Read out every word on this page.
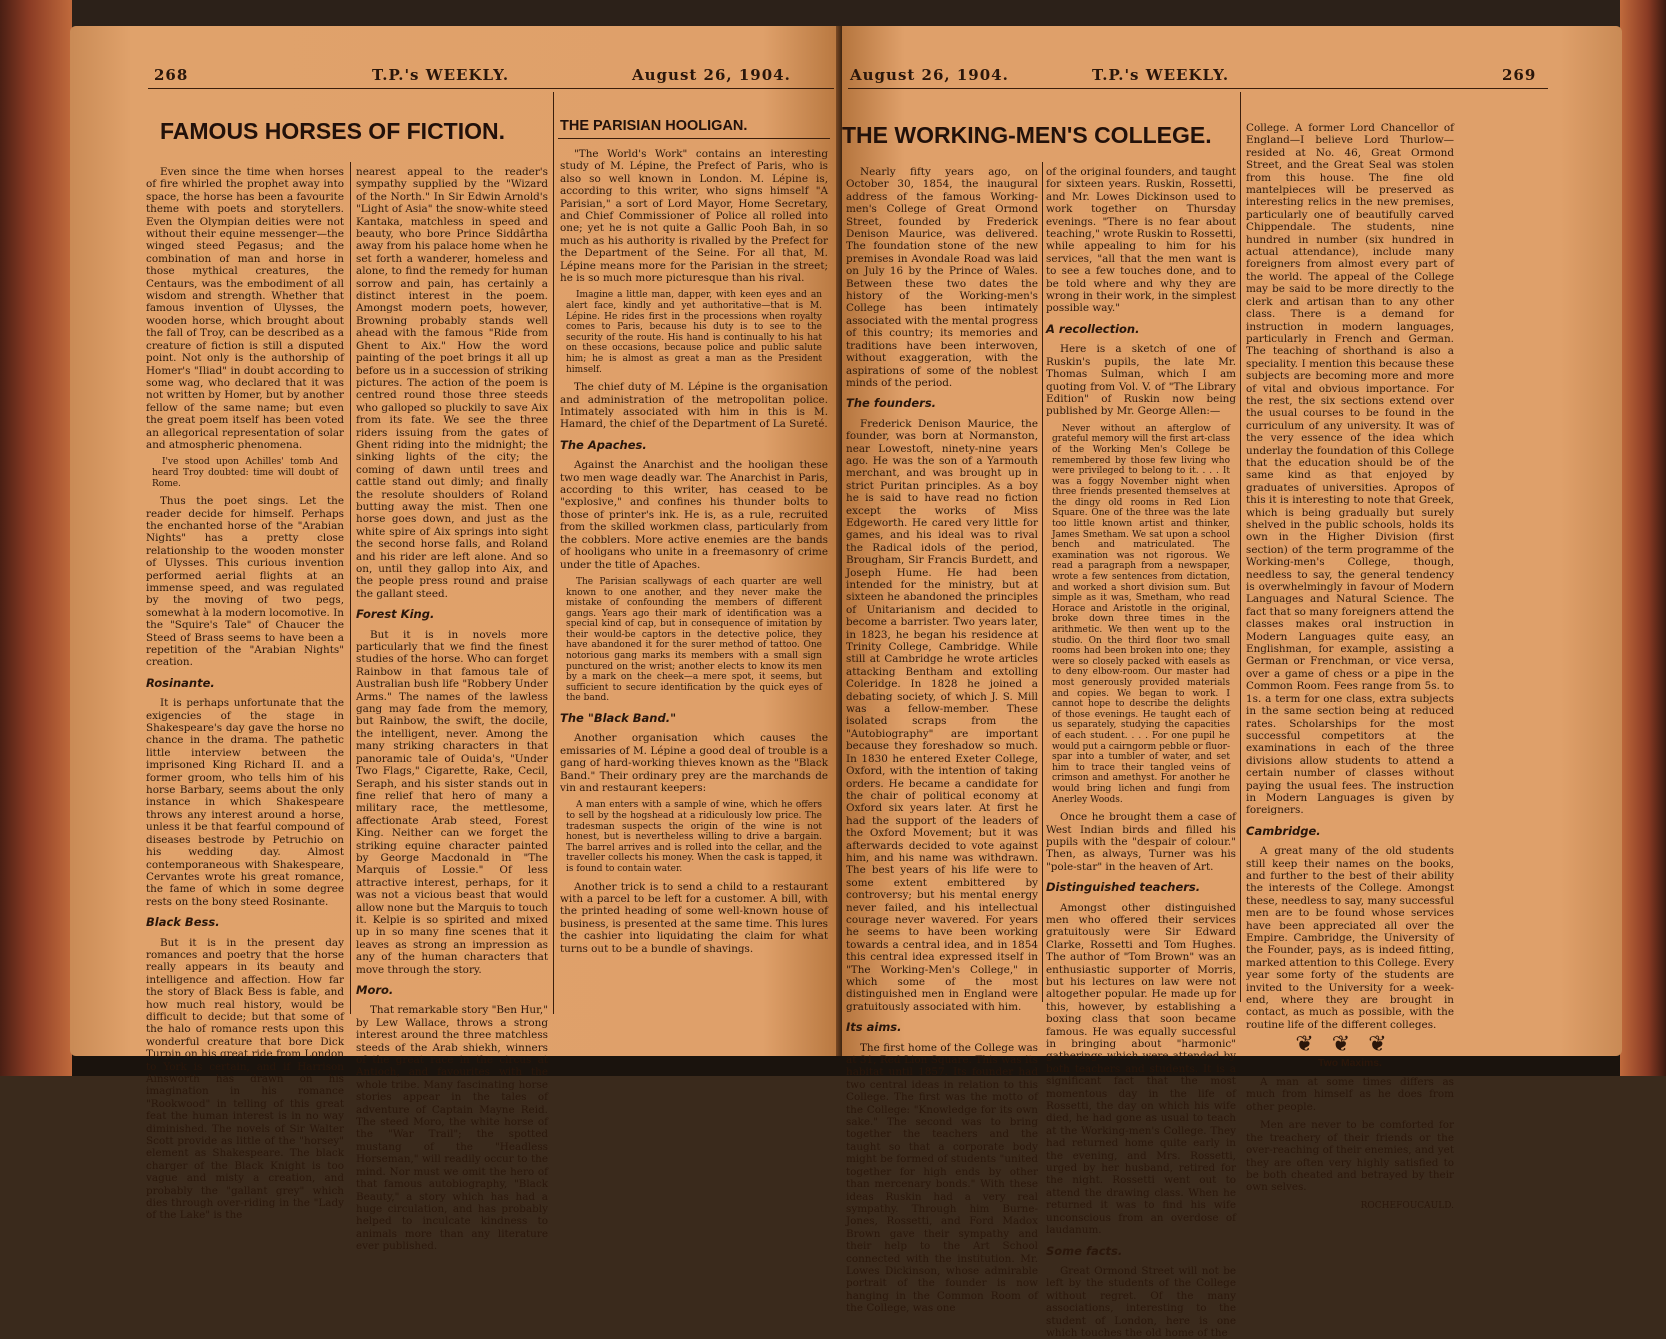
268	T.P.'s WEEKLY.	August 26, 1904.
FAMOUS HORSES OF FICTION.

Even since the time when horses of fire whirled the prophet away into space, the horse has been a favourite theme with poets and storytellers. Even the Olympian deities were not without their equine messenger—the winged steed Pegasus; and the combination of man and horse in those mythical creatures, the Centaurs, was the embodiment of all wisdom and strength. Whether that famous invention of Ulysses, the wooden horse, which brought about the fall of Troy, can be described as a creature of fiction is still a disputed point. Not only is the authorship of Homer's "Iliad" in doubt according to some wag, who declared that it was not written by Homer, but by another fellow of the same name; but even the great poem itself has been voted an allegorical representation of solar and atmospheric phenomena.

I've stood upon Achilles' tomb And heard Troy doubted: time will doubt of Rome.

Thus the poet sings. Let the reader decide for himself. Perhaps the enchanted horse of the "Arabian Nights" has a pretty close relationship to the wooden monster of Ulysses. This curious invention performed aerial flights at an immense speed, and was regulated by the moving of two pegs, somewhat à la modern locomotive. In the "Squire's Tale" of Chaucer the Steed of Brass seems to have been a repetition of the "Arabian Nights" creation.

Rosinante.

It is perhaps unfortunate that the exigencies of the stage in Shakespeare's day gave the horse no chance in the drama. The pathetic little interview between the imprisoned King Richard II. and a former groom, who tells him of his horse Barbary, seems about the only instance in which Shakespeare throws any interest around a horse, unless it be that fearful compound of diseases bestrode by Petruchio on his wedding day. Almost contemporaneous with Shakespeare, Cervantes wrote his great romance, the fame of which in some degree rests on the bony steed Rosinante.

Black Bess.

But it is in the present day romances and poetry that the horse really appears in its beauty and intelligence and affection. How far the story of Black Bess is fable, and how much real history, would be difficult to decide; but that some of the halo of romance rests upon this wonderful creature that bore Dick Turpin on his great ride from London to York is certain, and if Harrison Ainsworth has drawn on his imagination in his romance "Rookwood" in telling of this great feat the human interest is in no way diminished. The novels of Sir Walter Scott provide as little of the "horsey" element as Shakespeare. The black charger of the Black Knight is too vague and misty a creation, and probably the "gallant grey" which dies through over-riding in the "Lady of the Lake" is the

nearest appeal to the reader's sympathy supplied by the "Wizard of the North." In Sir Edwin Arnold's "Light of Asia" the snow-white steed Kantaka, matchless in speed and beauty, who bore Prince Siddârtha away from his palace home when he set forth a wanderer, homeless and alone, to find the remedy for human sorrow and pain, has certainly a distinct interest in the poem. Amongst modern poets, however, Browning probably stands well ahead with the famous "Ride from Ghent to Aix." How the word painting of the poet brings it all up before us in a succession of striking pictures. The action of the poem is centred round those three steeds who galloped so pluckily to save Aix from its fate. We see the three riders issuing from the gates of Ghent riding into the midnight; the sinking lights of the city; the coming of dawn until trees and cattle stand out dimly; and finally the resolute shoulders of Roland butting away the mist. Then one horse goes down, and just as the white spire of Aix springs into sight the second horse falls, and Roland and his rider are left alone. And so on, until they gallop into Aix, and the people press round and praise the gallant steed.

Forest King.

But it is in novels more particularly that we find the finest studies of the horse. Who can forget Rainbow in that famous tale of Australian bush life "Robbery Under Arms." The names of the lawless gang may fade from the memory, but Rainbow, the swift, the docile, the intelligent, never. Among the many striking characters in that panoramic tale of Ouida's, "Under Two Flags," Cigarette, Rake, Cecil, Seraph, and his sister stands out in fine relief that hero of many a military race, the mettlesome, affectionate Arab steed, Forest King. Neither can we forget the striking equine character painted by George Macdonald in "The Marquis of Lossie." Of less attractive interest, perhaps, for it was not a vicious beast that would allow none but the Marquis to touch it. Kelpie is so spirited and mixed up in so many fine scenes that it leaves as strong an impression as any of the human characters that move through the story.

Moro.

That remarkable story "Ben Hur," by Lew Wallace, throws a strong interest around the three matchless steeds of the Arab shiekh, winners of the great race in the circus at Antioch, and favourites with the whole tribe. Many fascinating horse stories appear in the tales of adventure of Captain Mayne Reid. The steed Moro, the white horse of the "War Trail"; the spotted mustang of the "Headless Horseman," will readily occur to the mind. Nor must we omit the hero of that famous autobiography, "Black Beauty," a story which has had a huge circulation, and has probably helped to inculcate kindness to animals more than any literature ever published.

THE PARISIAN HOOLIGAN.

"The World's Work" contains an interesting study of M. Lépine, the Prefect of Paris, who is also so well known in London. M. Lépine is, according to this writer, who signs himself "A Parisian," a sort of Lord Mayor, Home Secretary, and Chief Commissioner of Police all rolled into one; yet he is not quite a Gallic Pooh Bah, in so much as his authority is rivalled by the Prefect for the Department of the Seine. For all that, M. Lépine means more for the Parisian in the street; he is so much more picturesque than his rival.

Imagine a little man, dapper, with keen eyes and an alert face, kindly and yet authoritative—that is M. Lépine. He rides first in the processions when royalty comes to Paris, because his duty is to see to the security of the route. His hand is continually to his hat on these occasions, because police and public salute him; he is almost as great a man as the President himself.

The chief duty of M. Lépine is the organisation and administration of the metropolitan police. Intimately associated with him in this is M. Hamard, the chief of the Department of La Sureté.

The Apaches.

Against the Anarchist and the hooligan these two men wage deadly war. The Anarchist in Paris, according to this writer, has ceased to be "explosive," and confines his thunder bolts to those of printer's ink. He is, as a rule, recruited from the skilled workmen class, particularly from the cobblers. More active enemies are the bands of hooligans who unite in a freemasonry of crime under the title of Apaches.

The Parisian scallywags of each quarter are well known to one another, and they never make the mistake of confounding the members of different gangs. Years ago their mark of identification was a special kind of cap, but in consequence of imitation by their would-be captors in the detective police, they have abandoned it for the surer method of tattoo. One notorious gang marks its members with a small sign punctured on the wrist; another elects to know its men by a mark on the cheek—a mere spot, it seems, but sufficient to secure identification by the quick eyes of the band.

The "Black Band."

Another organisation which causes the emissaries of M. Lépine a good deal of trouble is a gang of hard-working thieves known as the "Black Band." Their ordinary prey are the marchands de vin and restaurant keepers:

A man enters with a sample of wine, which he offers to sell by the hogshead at a ridiculously low price. The tradesman suspects the origin of the wine is not honest, but is nevertheless willing to drive a bargain. The barrel arrives and is rolled into the cellar, and the traveller collects his money. When the cask is tapped, it is found to contain water.

Another trick is to send a child to a restaurant with a parcel to be left for a customer. A bill, with the printed heading of some well-known house of business, is presented at the same time. This lures the cashier into liquidating the claim for what turns out to be a bundle of shavings.

August 26, 1904.	T.P.'s WEEKLY.	269
THE WORKING-MEN'S COLLEGE.

Nearly fifty years ago, on October 30, 1854, the inaugural address of the famous Working-men's College of Great Ormond Street, founded by Frederick Denison Maurice, was delivered. The foundation stone of the new premises in Avondale Road was laid on July 16 by the Prince of Wales. Between these two dates the history of the Working-men's College has been intimately associated with the mental progress of this country; its memories and traditions have been interwoven, without exaggeration, with the aspirations of some of the noblest minds of the period.

The founders.

Frederick Denison Maurice, the founder, was born at Normanston, near Lowestoft, ninety-nine years ago. He was the son of a Yarmouth merchant, and was brought up in strict Puritan principles. As a boy he is said to have read no fiction except the works of Miss Edgeworth. He cared very little for games, and his ideal was to rival the Radical idols of the period, Brougham, Sir Francis Burdett, and Joseph Hume. He had been intended for the ministry, but at sixteen he abandoned the principles of Unitarianism and decided to become a barrister. Two years later, in 1823, he began his residence at Trinity College, Cambridge. While still at Cambridge he wrote articles attacking Bentham and extolling Coleridge. In 1828 he joined a debating society, of which J. S. Mill was a fellow-member. These isolated scraps from the "Autobiography" are important because they foreshadow so much. In 1830 he entered Exeter College, Oxford, with the intention of taking orders. He became a candidate for the chair of political economy at Oxford six years later. At first he had the support of the leaders of the Oxford Movement; but it was afterwards decided to vote against him, and his name was withdrawn. The best years of his life were to some extent embittered by controversy; but his mental energy never failed, and his intellectual courage never wavered. For years he seems to have been working towards a central idea, and in 1854 this central idea expressed itself in "The Working-Men's College," in which some of the most distinguished men in England were gratuitously associated with him.

Its aims.

The first home of the College was at 31, Red Lion Square. This was its habitat until 1857. Its founder had two central ideas in relation to this College. The first was the motto of the College: "Knowledge for its own sake." The second was to bring together the teachers and the taught so that a corporate body might be formed of students "united together for high ends by other than mercenary bonds." With these ideas Ruskin had a very real sympathy. Through him Burne-Jones, Rossetti, and Ford Madox Brown gave their sympathy and their help to the Art School connected with the institution. Mr. Lowes Dickinson, whose admirable portrait of the founder is now hanging in the Common Room of the College, was one

of the original founders, and taught for sixteen years. Ruskin, Rossetti, and Mr. Lowes Dickinson used to work together on Thursday evenings. "There is no fear about teaching," wrote Ruskin to Rossetti, while appealing to him for his services, "all that the men want is to see a few touches done, and to be told where and why they are wrong in their work, in the simplest possible way."

A recollection.

Here is a sketch of one of Ruskin's pupils, the late Mr. Thomas Sulman, which I am quoting from Vol. V. of "The Library Edition" of Ruskin now being published by Mr. George Allen:—

Never without an afterglow of grateful memory will the first art-class of the Working Men's College be remembered by those few living who were privileged to belong to it. . . . It was a foggy November night when three friends presented themselves at the dingy old rooms in Red Lion Square. One of the three was the late too little known artist and thinker, James Smetham. We sat upon a school bench and matriculated. The examination was not rigorous. We read a paragraph from a newspaper, wrote a few sentences from dictation, and worked a short division sum. But simple as it was, Smetham, who read Horace and Aristotle in the original, broke down three times in the arithmetic. We then went up to the studio. On the third floor two small rooms had been broken into one; they were so closely packed with easels as to deny elbow-room. Our master had most generously provided materials and copies. We began to work. I cannot hope to describe the delights of those evenings. He taught each of us separately, studying the capacities of each student. . . . For one pupil he would put a cairngorm pebble or fluor-spar into a tumbler of water, and set him to trace their tangled veins of crimson and amethyst. For another he would bring lichen and fungi from Anerley Woods.

Once he brought them a case of West Indian birds and filled his pupils with the "despair of colour." Then, as always, Turner was his "pole-star" in the heaven of Art.

Distinguished teachers.

Amongst other distinguished men who offered their services gratuitously were Sir Edward Clarke, Rossetti and Tom Hughes. The author of "Tom Brown" was an enthusiastic supporter of Morris, but his lectures on law were not altogether popular. He made up for this, however, by establishing a boxing class that soon became famous. He was equally successful in bringing about "harmonic" gatherings which were attended by both teachers and students. It is a significant fact that the most momentous day in the life of Rossetti, the day on which his wife died, he had gone as usual to teach at the Working-men's College. They had returned home quite early in the evening, and Mrs. Rossetti, urged by her husband, retired for the night. Rossetti went out to attend the drawing class. When he returned it was to find his wife unconscious from an overdose of laudanum.

Some facts.

Great Ormond Street will not be left by the students of the College without regret. Of the many associations, interesting to the student of London, here is one which touches the old home of the

College. A former Lord Chancellor of England—I believe Lord Thurlow—resided at No. 46, Great Ormond Street, and the Great Seal was stolen from this house. The fine old mantelpieces will be preserved as interesting relics in the new premises, particularly one of beautifully carved Chippendale. The students, nine hundred in number (six hundred in actual attendance), include many foreigners from almost every part of the world. The appeal of the College may be said to be more directly to the clerk and artisan than to any other class. There is a demand for instruction in modern languages, particularly in French and German. The teaching of shorthand is also a speciality. I mention this because these subjects are becoming more and more of vital and obvious importance. For the rest, the six sections extend over the usual courses to be found in the curriculum of any university. It was of the very essence of the idea which underlay the foundation of this College that the education should be of the same kind as that enjoyed by graduates of universities. Apropos of this it is interesting to note that Greek, which is being gradually but surely shelved in the public schools, holds its own in the Higher Division (first section) of the term programme of the Working-men's College, though, needless to say, the general tendency is overwhelmingly in favour of Modern Languages and Natural Science. The fact that so many foreigners attend the classes makes oral instruction in Modern Languages quite easy, an Englishman, for example, assisting a German or Frenchman, or vice versa, over a game of chess or a pipe in the Common Room. Fees range from 5s. to 1s. a term for one class, extra subjects in the same section being at reduced rates. Scholarships for the most successful competitors at the examinations in each of the three divisions allow students to attend a certain number of classes without paying the usual fees. The instruction in Modern Languages is given by foreigners.

Cambridge.

A great many of the old students still keep their names on the books, and further to the best of their ability the interests of the College. Amongst these, needless to say, many successful men are to be found whose services have been appreciated all over the Empire. Cambridge, the University of the Founder, pays, as is indeed fitting, marked attention to this College. Every year some forty of the students are invited to the University for a week-end, where they are brought in contact, as much as possible, with the routine life of the different colleges.

❦❦❦

Two Maxims.

A man at some times differs as much from himself as he does from other people.

Men are never to be comforted for the treachery of their friends or the over-reaching of their enemies, and yet they are often very highly satisfied to be both cheated and betrayed by their own selves.

ROCHEFOUCAULD.
